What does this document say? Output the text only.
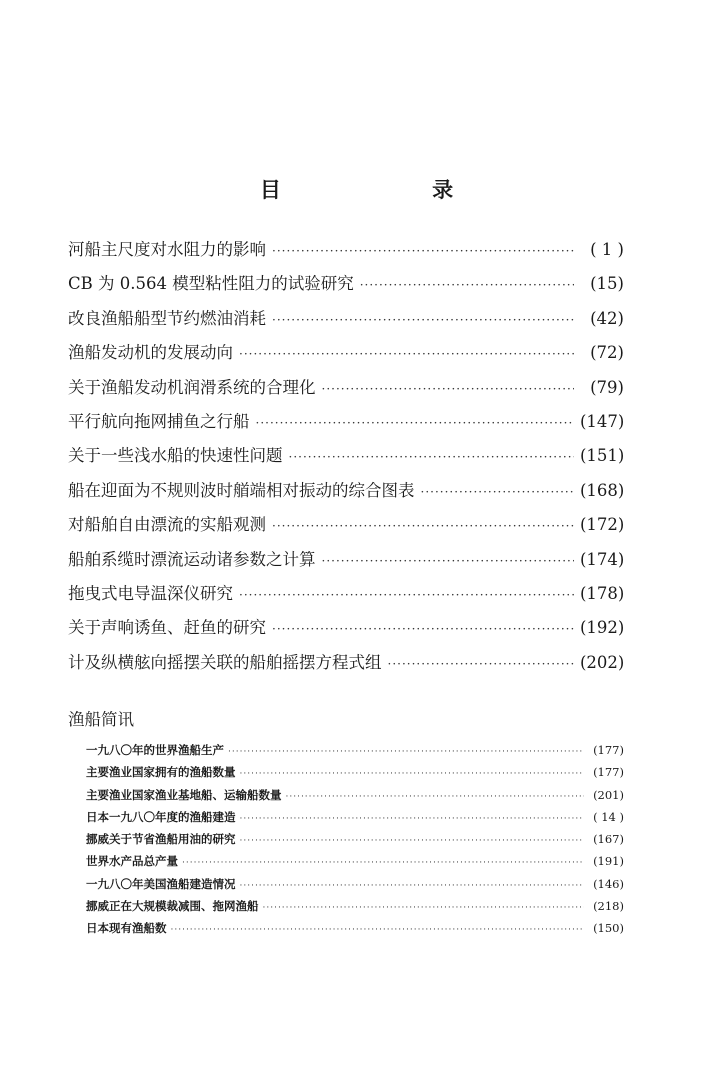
目 录
河船主尺度对水阻力的影响 ·····	( 1 )
CB 为 0.564 模型粘性阻力的试验研究 ·····	(15)
改良渔船船型节约燃油消耗 ·····	(42)
渔船发动机的发展动向 ·····	(72)
关于渔船发动机润滑系统的合理化 ·····	(79)
平行航向拖网捕鱼之行船 ·····	(147)
关于一些浅水船的快速性问题 ·····	(151)
船在迎面为不规则波时艏端相对振动的综合图表 ·····	(168)
对船舶自由漂流的实船观测 ·····	(172)
船舶系缆时漂流运动诸参数之计算 ·····	(174)
拖曳式电导温深仪研究 ·····	(178)
关于声响诱鱼、赶鱼的研究 ·····	(192)
计及纵横舷向摇摆关联的船舶摇摆方程式组 ·····	(202)
渔船简讯
一九八〇年的世界渔船生产 ·····	(177)
主要渔业国家拥有的渔船数量 ·····	(177)
主要渔业国家渔业基地船、运输船数量 ·····	(201)
日本一九八〇年度的渔船建造 ·····	( 14 )
挪威关于节省渔船用油的研究 ·····	(167)
世界水产品总产量 ·····	(191)
一九八〇年美国渔船建造情况 ·····	(146)
挪威正在大规模裁减围、拖网渔船 ·····	(218)
日本现有渔船数 ·····	(150)
